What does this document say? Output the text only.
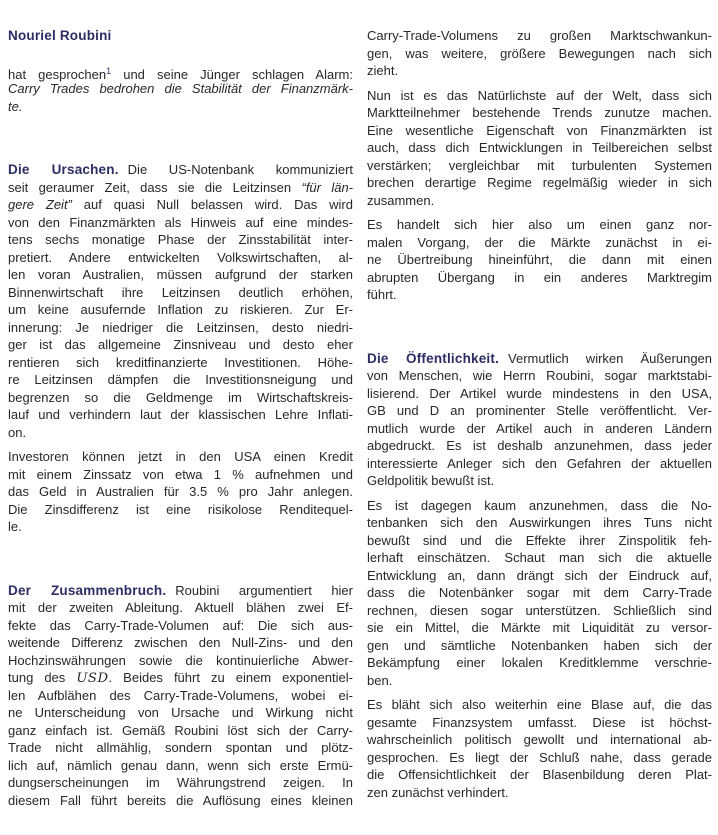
Nouriel Roubini
hat gesprochen$^1$ und seine Jünger schlagen Alarm:
Carry Trades bedrohen die Stabilität der Finanzmärk-
te.
Die Ursachen. Die US-Notenbank kommuniziert
seit geraumer Zeit, dass sie die Leitzinsen “für län-
gere Zeit” auf quasi Null belassen wird. Das wird
von den Finanzmärkten als Hinweis auf eine mindes-
tens sechs monatige Phase der Zinsstabilität inter-
pretiert. Andere entwickelten Volkswirtschaften, al-
len voran Australien, müssen aufgrund der starken
Binnenwirtschaft ihre Leitzinsen deutlich erhöhen,
um keine ausufernde Inflation zu riskieren. Zur Er-
innerung: Je niedriger die Leitzinsen, desto niedri-
ger ist das allgemeine Zinsniveau und desto eher
rentieren sich kreditfinanzierte Investitionen. Höhe-
re Leitzinsen dämpfen die Investitionsneigung und
begrenzen so die Geldmenge im Wirtschaftskreis-
lauf und verhindern laut der klassischen Lehre Inflati-
on.
Investoren können jetzt in den USA einen Kredit
mit einem Zinssatz von etwa 1 % aufnehmen und
das Geld in Australien für 3.5 % pro Jahr anlegen.
Die Zinsdifferenz ist eine risikolose Renditequel-
le.
Der Zusammenbruch. Roubini argumentiert hier
mit der zweiten Ableitung. Aktuell blähen zwei Ef-
fekte das Carry-Trade-Volumen auf: Die sich aus-
weitende Differenz zwischen den Null-Zins- und den
Hochzinswährungen sowie die kontinuierliche Abwer-
tung des USD. Beides führt zu einem exponentiel-
len Aufblähen des Carry-Trade-Volumens, wobei ei-
ne Unterscheidung von Ursache und Wirkung nicht
ganz einfach ist. Gemäß Roubini löst sich der Carry-
Trade nicht allmählig, sondern spontan und plötz-
lich auf, nämlich genau dann, wenn sich erste Ermü-
dungserscheinungen im Währungstrend zeigen. In
diesem Fall führt bereits die Auflösung eines kleinen
Carry-Trade-Volumens zu großen Marktschwankun-
gen, was weitere, größere Bewegungen nach sich
zieht.
Nun ist es das Natürlichste auf der Welt, dass sich
Marktteilnehmer bestehende Trends zunutze machen.
Eine wesentliche Eigenschaft von Finanzmärkten ist
auch, dass dich Entwicklungen in Teilbereichen selbst
verstärken; vergleichbar mit turbulenten Systemen
brechen derartige Regime regelmäßig wieder in sich
zusammen.
Es handelt sich hier also um einen ganz nor-
malen Vorgang, der die Märkte zunächst in ei-
ne Übertreibung hineinführt, die dann mit einen
abrupten Übergang in ein anderes Marktregim
führt.
Die Öffentlichkeit. Vermutlich wirken Äußerungen
von Menschen, wie Herrn Roubini, sogar marktstabi-
lisierend. Der Artikel wurde mindestens in den USA,
GB und D an prominenter Stelle veröffentlicht. Ver-
mutlich wurde der Artikel auch in anderen Ländern
abgedruckt. Es ist deshalb anzunehmen, dass jeder
interessierte Anleger sich den Gefahren der aktuellen
Geldpolitik bewußt ist.
Es ist dagegen kaum anzunehmen, dass die No-
tenbanken sich den Auswirkungen ihres Tuns nicht
bewußt sind und die Effekte ihrer Zinspolitik feh-
lerhaft einschätzen. Schaut man sich die aktuelle
Entwicklung an, dann drängt sich der Eindruck auf,
dass die Notenbänker sogar mit dem Carry-Trade
rechnen, diesen sogar unterstützen. Schließlich sind
sie ein Mittel, die Märkte mit Liquidität zu versor-
gen und sämtliche Notenbanken haben sich der
Bekämpfung einer lokalen Kreditklemme verschrie-
ben.
Es bläht sich also weiterhin eine Blase auf, die das
gesamte Finanzsystem umfasst. Diese ist höchst-
wahrscheinlich politisch gewollt und international ab-
gesprochen. Es liegt der Schluß nahe, dass gerade
die Offensichtlichkeit der Blasenbildung deren Plat-
zen zunächst verhindert.
